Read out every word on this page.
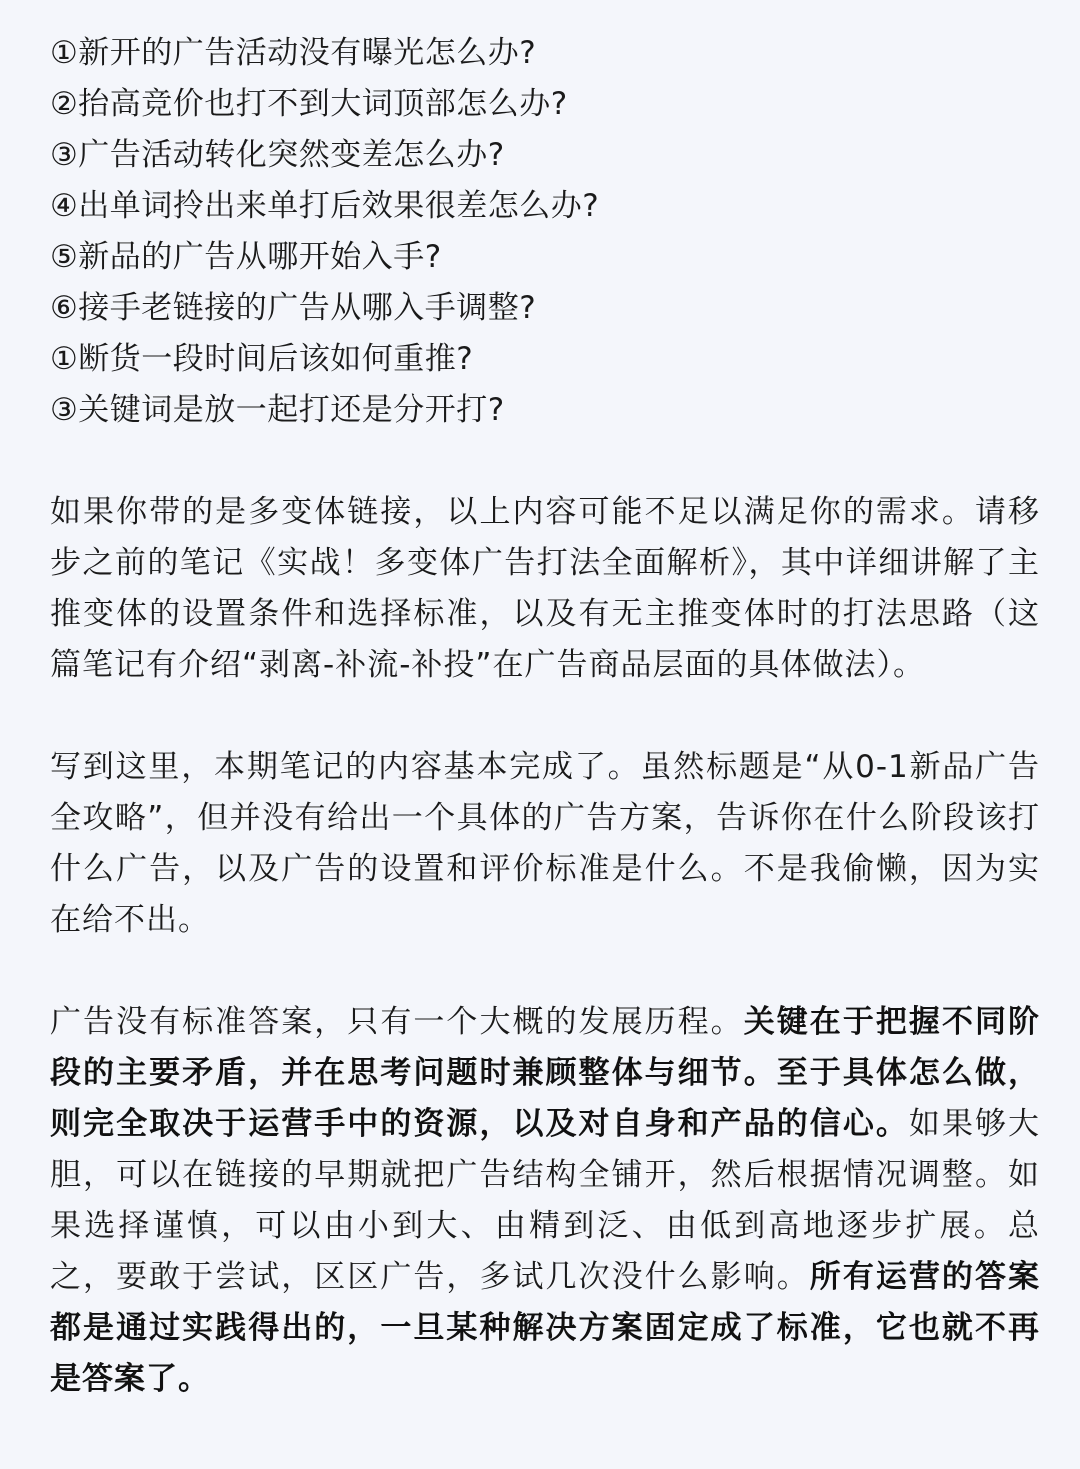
①新开的广告活动没有曝光怎么办?
②抬高竞价也打不到大词顶部怎么办?
③广告活动转化突然变差怎么办?
④出单词拎出来单打后效果很差怎么办?
⑤新品的广告从哪开始入手?
⑥接手老链接的广告从哪入手调整?
①断货一段时间后该如何重推?
③关键词是放一起打还是分开打?

如果你带的是多变体链接，以上内容可能不足以满足你的需求。请移步之前的笔记《实战！多变体广告打法全面解析》，其中详细讲解了主推变体的设置条件和选择标准，以及有无主推变体时的打法思路（这篇笔记有介绍“剥离-补流-补投”在广告商品层面的具体做法）。

写到这里，本期笔记的内容基本完成了。虽然标题是“从0-1新品广告全攻略”，但并没有给出一个具体的广告方案，告诉你在什么阶段该打什么广告，以及广告的设置和评价标准是什么。不是我偷懒，因为实在给不出。

广告没有标准答案，只有一个大概的发展历程。关键在于把握不同阶段的主要矛盾，并在思考问题时兼顾整体与细节。至于具体怎么做，则完全取决于运营手中的资源，以及对自身和产品的信心。如果够大胆，可以在链接的早期就把广告结构全铺开，然后根据情况调整。如果选择谨慎，可以由小到大、由精到泛、由低到高地逐步扩展。总之，要敢于尝试，区区广告，多试几次没什么影响。所有运营的答案都是通过实践得出的，一旦某种解决方案固定成了标准，它也就不再是答案了。
